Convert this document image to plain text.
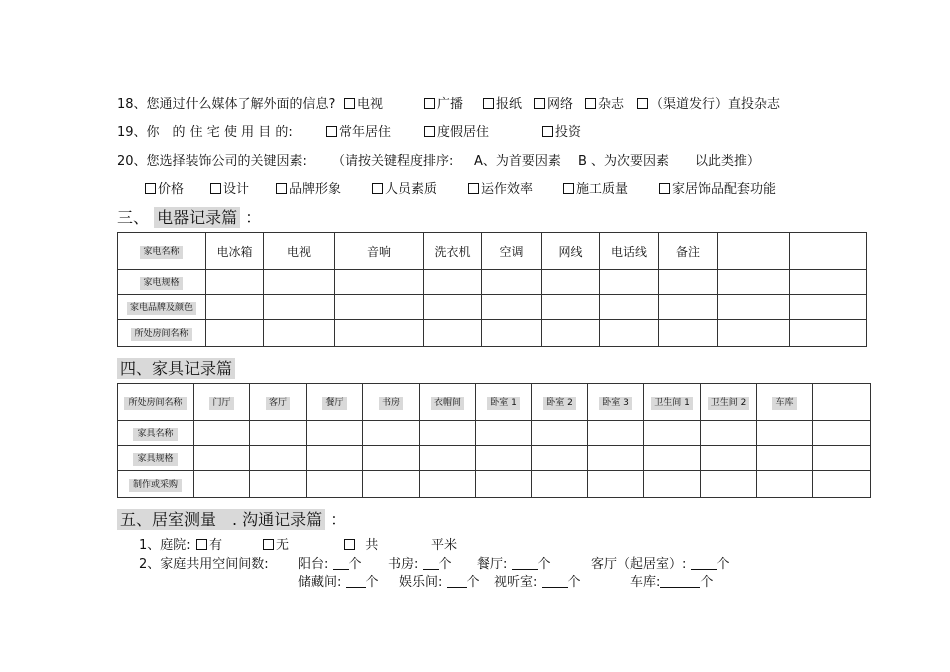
18、您通过什么媒体了解外面的信息?	电视	广播	报纸	网络	杂志	（渠道发行）直投杂志
19、你　的 住 宅 使 用 目 的:	常年居住	度假居住	投资
20、您选择装饰公司的关键因素: （请按关键程度排序: A、为首要因素 B 、为次要因素 以此类推）
价格	设计	品牌形象	人员素质	运作效率	施工质量	家居饰品配套功能
三、 电器记录篇 ：
家电名称	电冰箱	电视	音响	洗衣机	空调	网线	电话线	备注		
家电规格										
家电品牌及颜色										
所处房间名称										
四、家具记录篇
所处房间名称	门厅	客厅	餐厅	书房	衣帽间	卧室 1	卧室 2	卧室 3	卫生间 1	卫生间 2	车库	
家具名称												
家具规格												
制作或采购												
五、居室测量　. 沟通记录篇 ：
1、庭院:	有	无	共	平米
2、家庭共用空间间数: 阳台: 个 书房: 个 餐厅: 个	客厅（起居室）: 个
储藏间: 个 娱乐间: 个 视听室: 个	车库:	个
